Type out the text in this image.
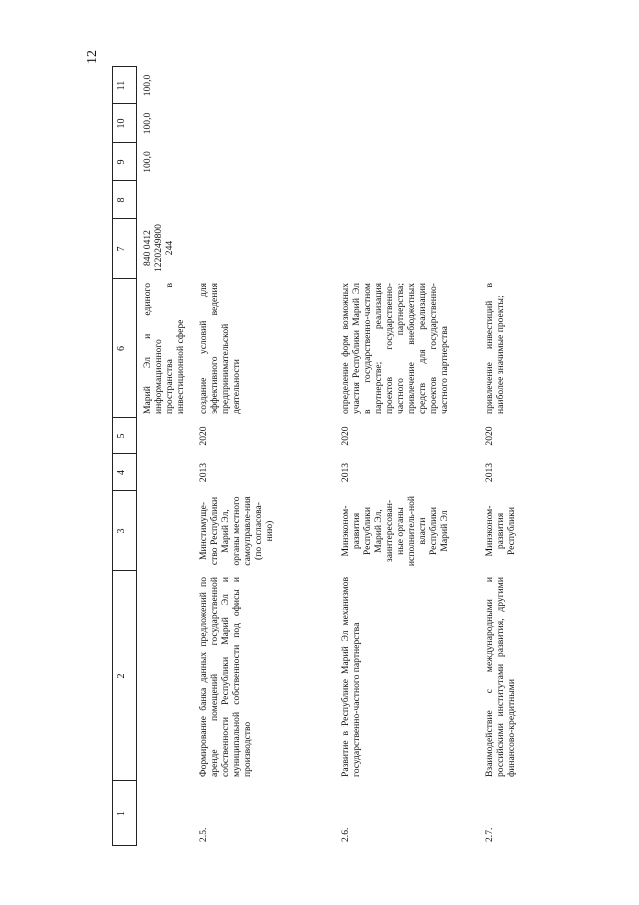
12
1
2
3
4
5
6
7
8
9
10
11
Марий Эл и единого информационного пространства в инвестиционной сфере
840 0412 1220249800 244
100,0
100,0
100,0
2.5.
Формирование банка данных предложений по аренде помещений государственной собственности Республики Марий Эл и муниципальной собственности под офисы и производство
Минстимуще-ство Республики Марий Эл, органы местного самоуправле-ния (по согласова-нию)
2013
2020
создание условий для эффективного ведения предпринимательской деятельности
2.6.
Развитие в Республике Марий Эл механизмов государственно-частного партнерства
Минэконом-развития Республики Марий Эл, заинтересован-ные органы исполнитель-ной власти Республики Марий Эл
2013
2020
определение форм возможных участия Республики Марий Эл в государственно-частном партнерстве; реализация проектов государственно-частного партнерства; привлечение внебюджетных средств для реализации проектов государственно-частного партнерства
2.7.
Взаимодействие с международными и российскими институтами развития, другими финансово-кредитными
Минэконом-развития Республики
2013
2020
привлечение инвестиций в наиболее значимые проекты;
